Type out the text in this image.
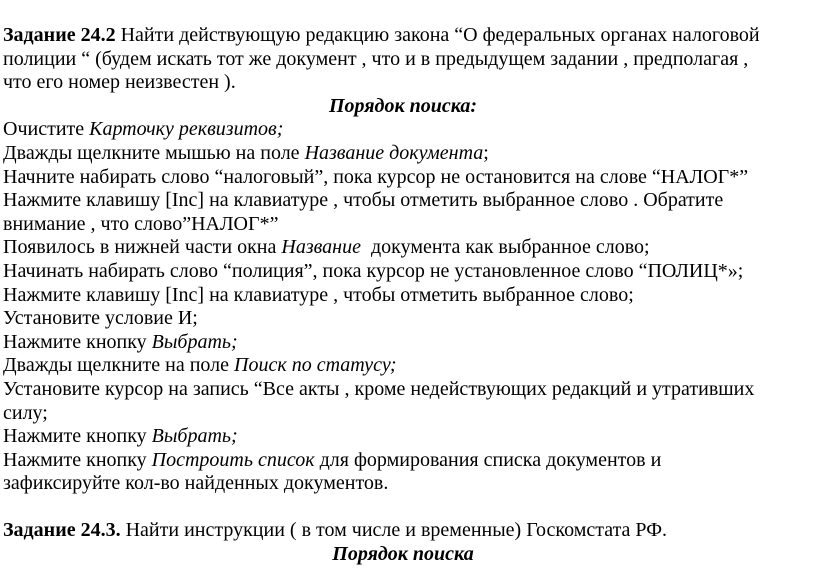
Задание 24.2 Найти действующую редакцию закона “О федеральных органах налоговой
полиции “ (будем искать тот же документ , что и в предыдущем задании , предполагая ,
что его номер неизвестен ).
Порядок поиска:
Очистите Карточку реквизитов;
Дважды щелкните мышью на поле Название документа;
Начните набирать слово “налоговый”, пока курсор не остановится на слове “НАЛОГ*”
Нажмите клавишу [Inc] на клавиатуре , чтобы отметить выбранное слово . Обратите
внимание , что слово”НАЛОГ*”
Появилось в нижней части окна Название  документа как выбранное слово;
Начинать набирать слово “полиция”, пока курсор не установленное слово “ПОЛИЦ*»;
Нажмите клавишу [Inc] на клавиатуре , чтобы отметить выбранное слово;
Установите условие И;
Нажмите кнопку Выбрать;
Дважды щелкните на поле Поиск по статусу;
Установите курсор на запись “Все акты , кроме недействующих редакций и утративших
силу;
Нажмите кнопку Выбрать;
Нажмите кнопку Построить список для формирования списка документов и
зафиксируйте кол-во найденных документов.
Задание 24.3. Найти инструкции ( в том числе и временные) Госкомстата РФ.
Порядок поиска
